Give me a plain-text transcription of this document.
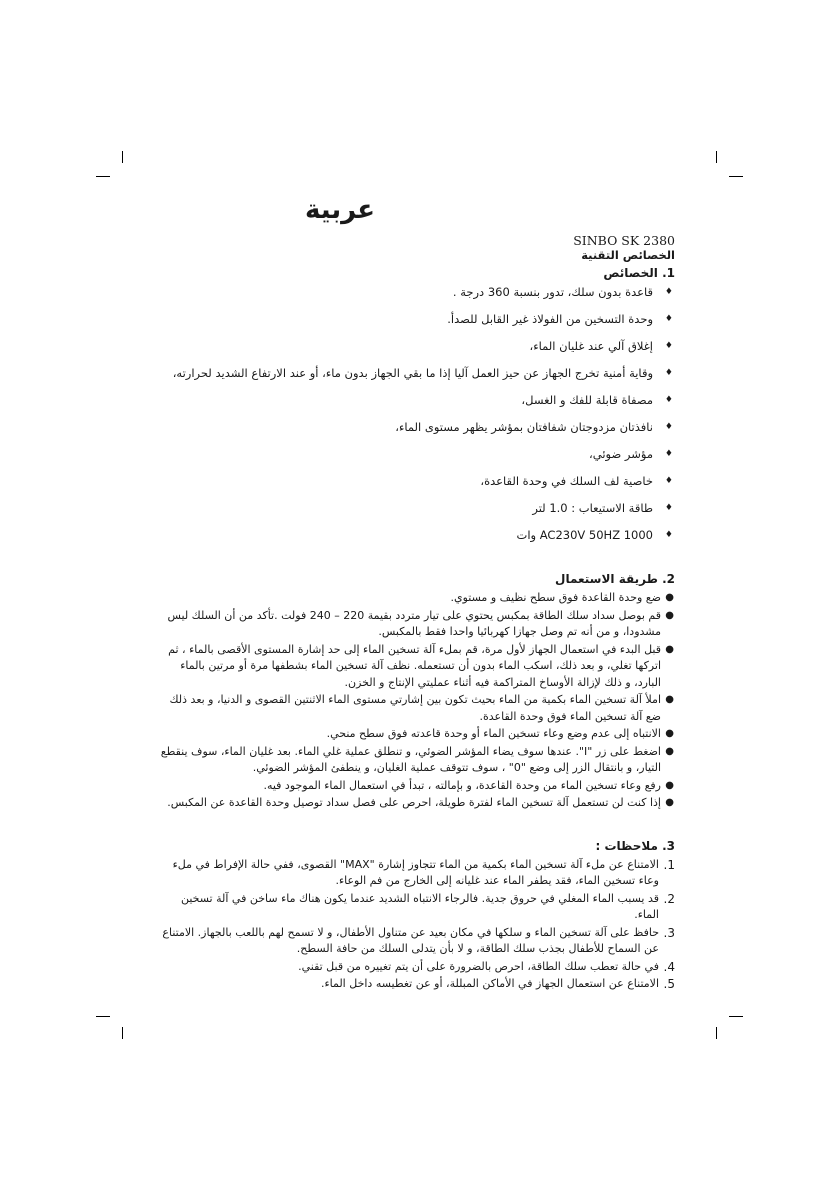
عربية
SINBO SK 2380
الخصائص التقنية
1. الخصائص
♦
قاعدة بدون سلك، تدور بنسبة 360 درجة .
♦
وحدة التسخين من الفولاذ غير القابل للصدأ.
♦
إغلاق آلي عند غليان الماء،
♦
وقاية أمنية تخرج الجهاز عن حيز العمل آليا إذا ما بقي الجهاز بدون ماء، أو عند الارتفاع الشديد لحرارته،
♦
مصفاة قابلة للفك و الغسل،
♦
نافذتان مزدوجتان شفافتان بمؤشر يظهر مستوى الماء،
♦
مؤشر ضوئي،
♦
خاصية لف السلك في وحدة القاعدة،
♦
طاقة الاستيعاب : 1.0 لتر
♦
AC230V 50HZ 1000 وات
2. طريقة الاستعمال
●
ضع وحدة القاعدة فوق سطح نظيف و مستوي.
●
قم بوصل سداد سلك الطاقة بمكبس يحتوي على تيار متردد بقيمة 220 – 240 فولت .تأكد من أن السلك ليس مشدودا، و من أنه تم وصل جهازا كهربائيا واحدا فقط بالمكبس.
●
قبل البدء في استعمال الجهاز لأول مرة، قم بملء آلة تسخين الماء إلى حد إشارة المستوى الأقصى بالماء ، ثم اتركها تغلي، و بعد ذلك، اسكب الماء بدون أن تستعمله. نظف آلة تسخين الماء بشطفها مرة أو مرتين بالماء البارد، و ذلك لإزالة الأوساخ المتراكمة فيه أثناء عمليتي الإنتاج و الخزن.
●
املأ آلة تسخين الماء بكمية من الماء بحيث تكون بين إشارتي مستوى الماء الاثنتين القصوى و الدنيا، و بعد ذلك ضع آلة تسخين الماء فوق وحدة القاعدة.
●
الانتباه إلى عدم وضع وعاء تسخين الماء أو وحدة قاعدته فوق سطح منحي.
●
اضغط على زر "I". عندها سوف يضاء المؤشر الضوئي، و تنطلق عملية غلي الماء. بعد غليان الماء، سوف ينقطع التيار، و بانتقال الزر إلى وضع "0" ، سوف تتوقف عملية الغليان، و ينطفئ المؤشر الضوئي.
●
رفع وعاء تسخين الماء من وحدة القاعدة، و بإمالته ، تبدأ في استعمال الماء الموجود فيه.
●
إذا كنت لن تستعمل آلة تسخين الماء لفترة طويلة، احرص على فصل سداد توصيل وحدة القاعدة عن المكبس.
3. ملاحظات :
1.
الامتناع عن ملء آلة تسخين الماء بكمية من الماء تتجاوز إشارة "MAX" القصوى، ففي حالة الإفراط في ملء وعاء تسخين الماء، فقد يطفر الماء عند غليانه إلى الخارج من فم الوعاء.
2.
قد يسبب الماء المغلي في حروق جدية. فالرجاء الانتباه الشديد عندما يكون هناك ماء ساخن في آلة تسخين الماء.
3.
حافظ على آلة تسخين الماء و سلكها في مكان بعيد عن متناول الأطفال، و لا تسمح لهم باللعب بالجهاز. الامتناع عن السماح للأطفال بجذب سلك الطاقة، و لا بأن يتدلى السلك من حافة السطح.
4.
في حالة تعطب سلك الطاقة، احرص بالضرورة على أن يتم تغييره من قبل تقني.
5.
الامتناع عن استعمال الجهاز في الأماكن المبللة، أو عن تغطيسه داخل الماء.
